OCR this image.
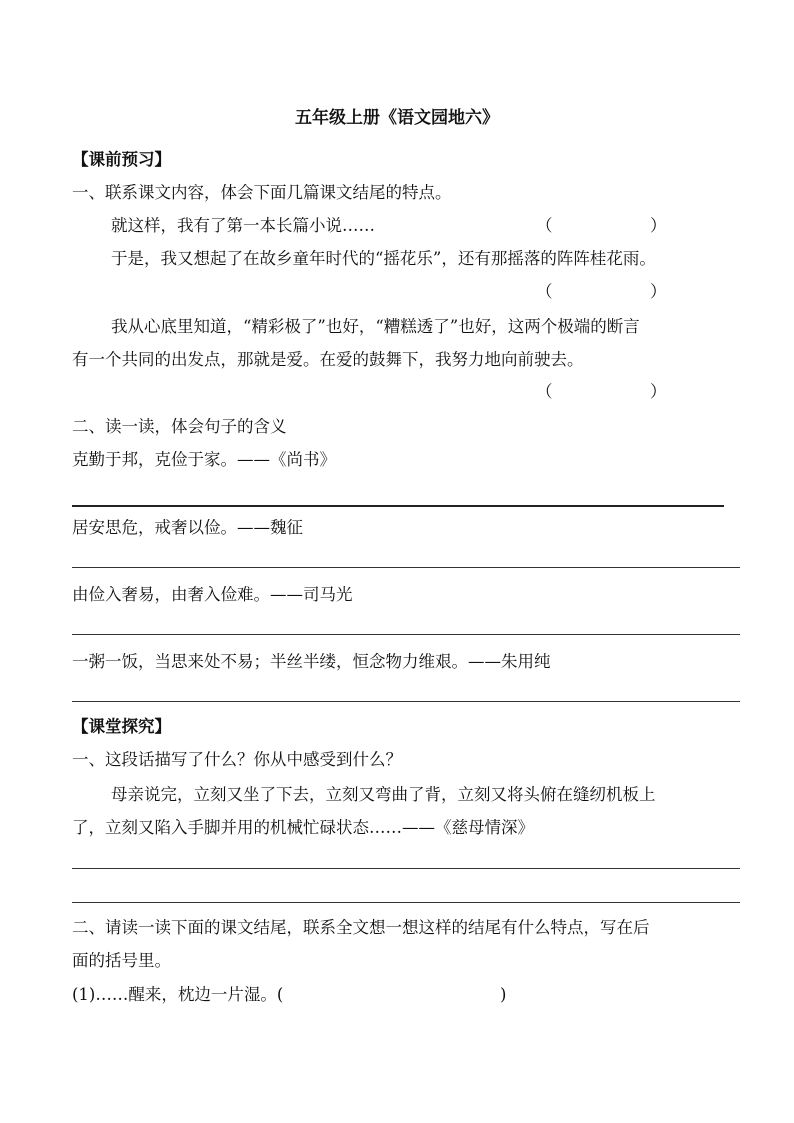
五年级上册《语文园地六》
【课前预习】
一、联系课文内容，体会下面几篇课文结尾的特点。
就这样，我有了第一本长篇小说……	（	）
于是，我又想起了在故乡童年时代的“摇花乐”，还有那摇落的阵阵桂花雨。
（	）
我从心底里知道，“精彩极了”也好，“糟糕透了”也好，这两个极端的断言
有一个共同的出发点，那就是爱。在爱的鼓舞下，我努力地向前驶去。
（	）
二、读一读，体会句子的含义
克勤于邦，克俭于家。——《尚书》
居安思危，戒奢以俭。——魏征
由俭入奢易，由奢入俭难。——司马光
一粥一饭，当思来处不易；半丝半缕，恒念物力维艰。——朱用纯
【课堂探究】
一、这段话描写了什么？你从中感受到什么？
母亲说完，立刻又坐了下去，立刻又弯曲了背，立刻又将头俯在缝纫机板上
了，立刻又陷入手脚并用的机械忙碌状态……——《慈母情深》
二、请读一读下面的课文结尾，联系全文想一想这样的结尾有什么特点，写在后
面的括号里。
(1)……醒来，枕边一片湿。(	)
